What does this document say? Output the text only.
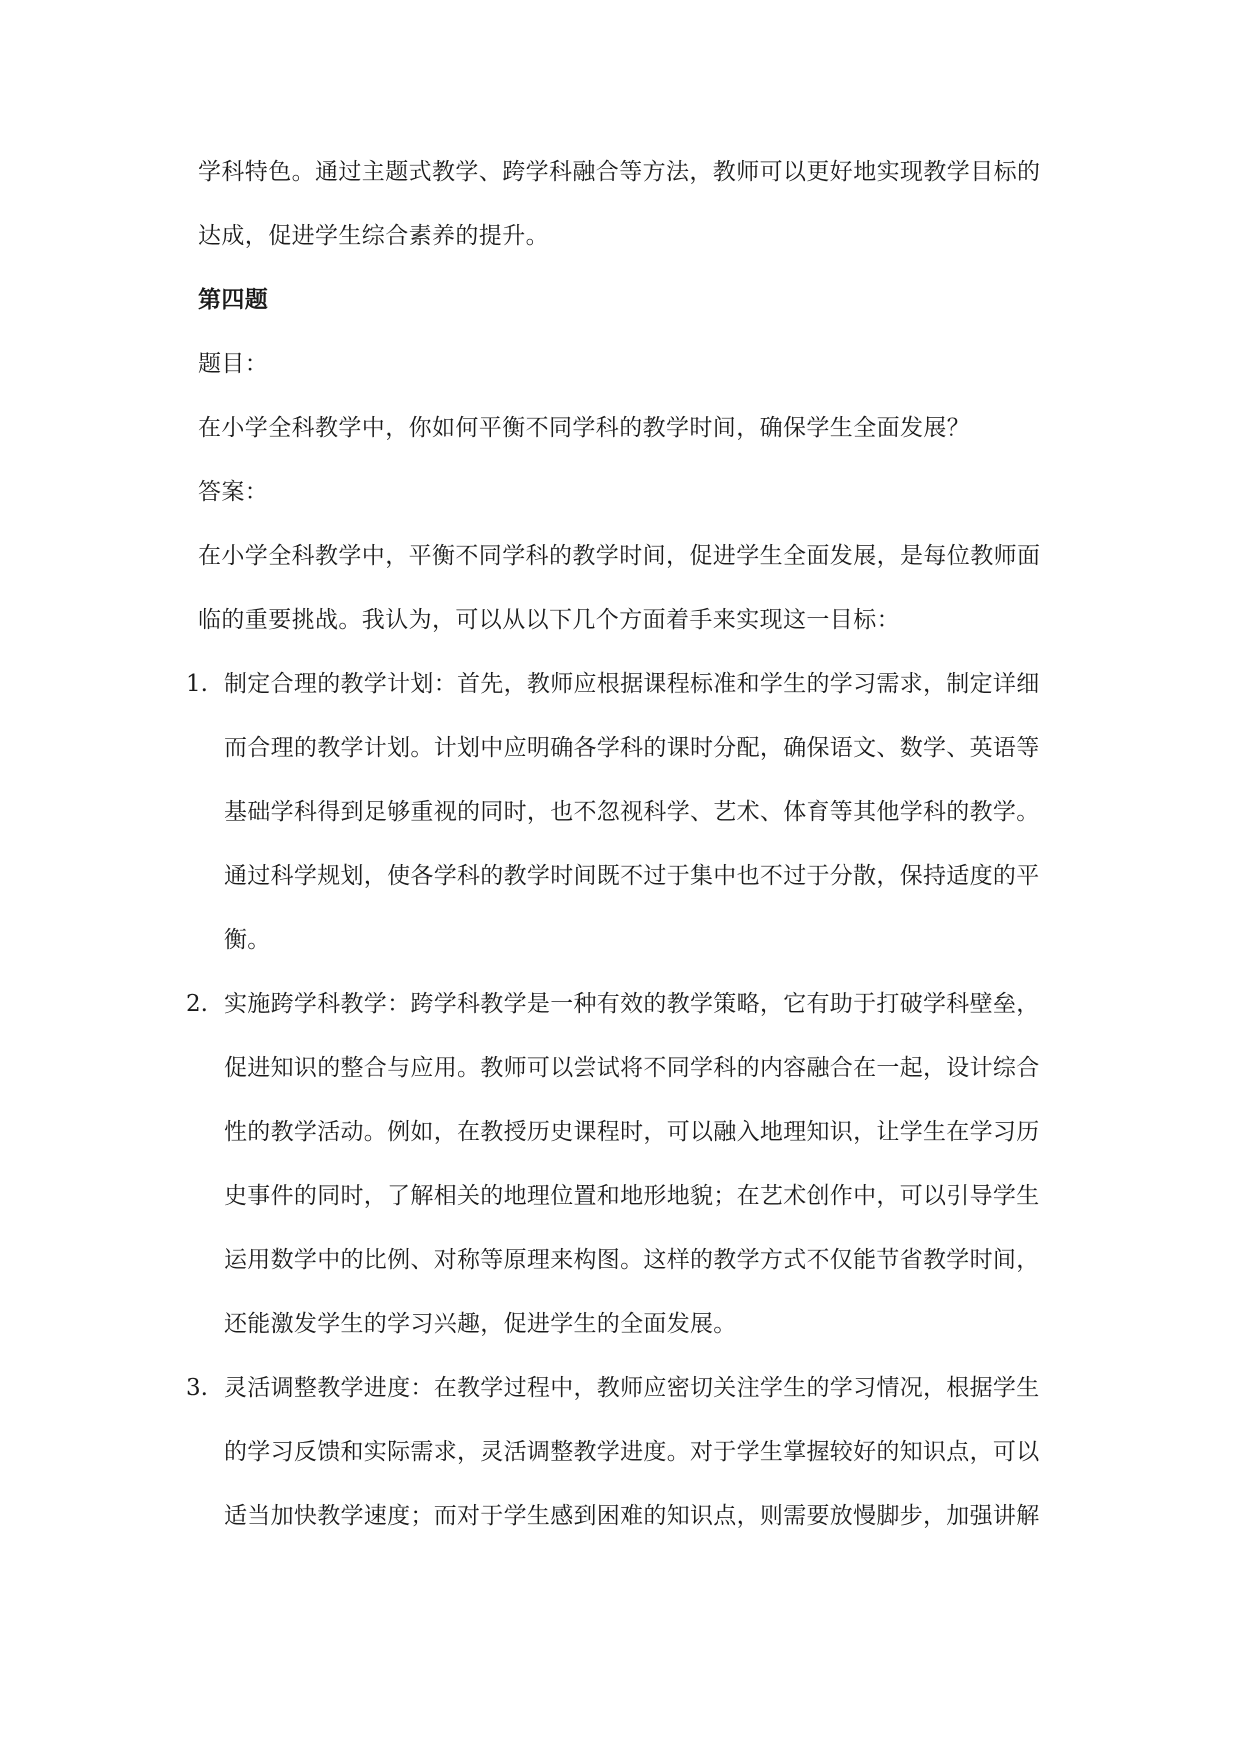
学科特色。通过主题式教学、跨学科融合等方法，教师可以更好地实现教学目标的
达成，促进学生综合素养的提升。
第四题
题目：
在小学全科教学中，你如何平衡不同学科的教学时间，确保学生全面发展？
答案：
在小学全科教学中，平衡不同学科的教学时间，促进学生全面发展，是每位教师面
临的重要挑战。我认为，可以从以下几个方面着手来实现这一目标：
1. 制定合理的教学计划：首先，教师应根据课程标准和学生的学习需求，制定详细
而合理的教学计划。计划中应明确各学科的课时分配，确保语文、数学、英语等
基础学科得到足够重视的同时，也不忽视科学、艺术、体育等其他学科的教学。
通过科学规划，使各学科的教学时间既不过于集中也不过于分散，保持适度的平
衡。
2. 实施跨学科教学：跨学科教学是一种有效的教学策略，它有助于打破学科壁垒，
促进知识的整合与应用。教师可以尝试将不同学科的内容融合在一起，设计综合
性的教学活动。例如，在教授历史课程时，可以融入地理知识，让学生在学习历
史事件的同时，了解相关的地理位置和地形地貌；在艺术创作中，可以引导学生
运用数学中的比例、对称等原理来构图。这样的教学方式不仅能节省教学时间，
还能激发学生的学习兴趣，促进学生的全面发展。
3. 灵活调整教学进度：在教学过程中，教师应密切关注学生的学习情况，根据学生
的学习反馈和实际需求，灵活调整教学进度。对于学生掌握较好的知识点，可以
适当加快教学速度；而对于学生感到困难的知识点，则需要放慢脚步，加强讲解
